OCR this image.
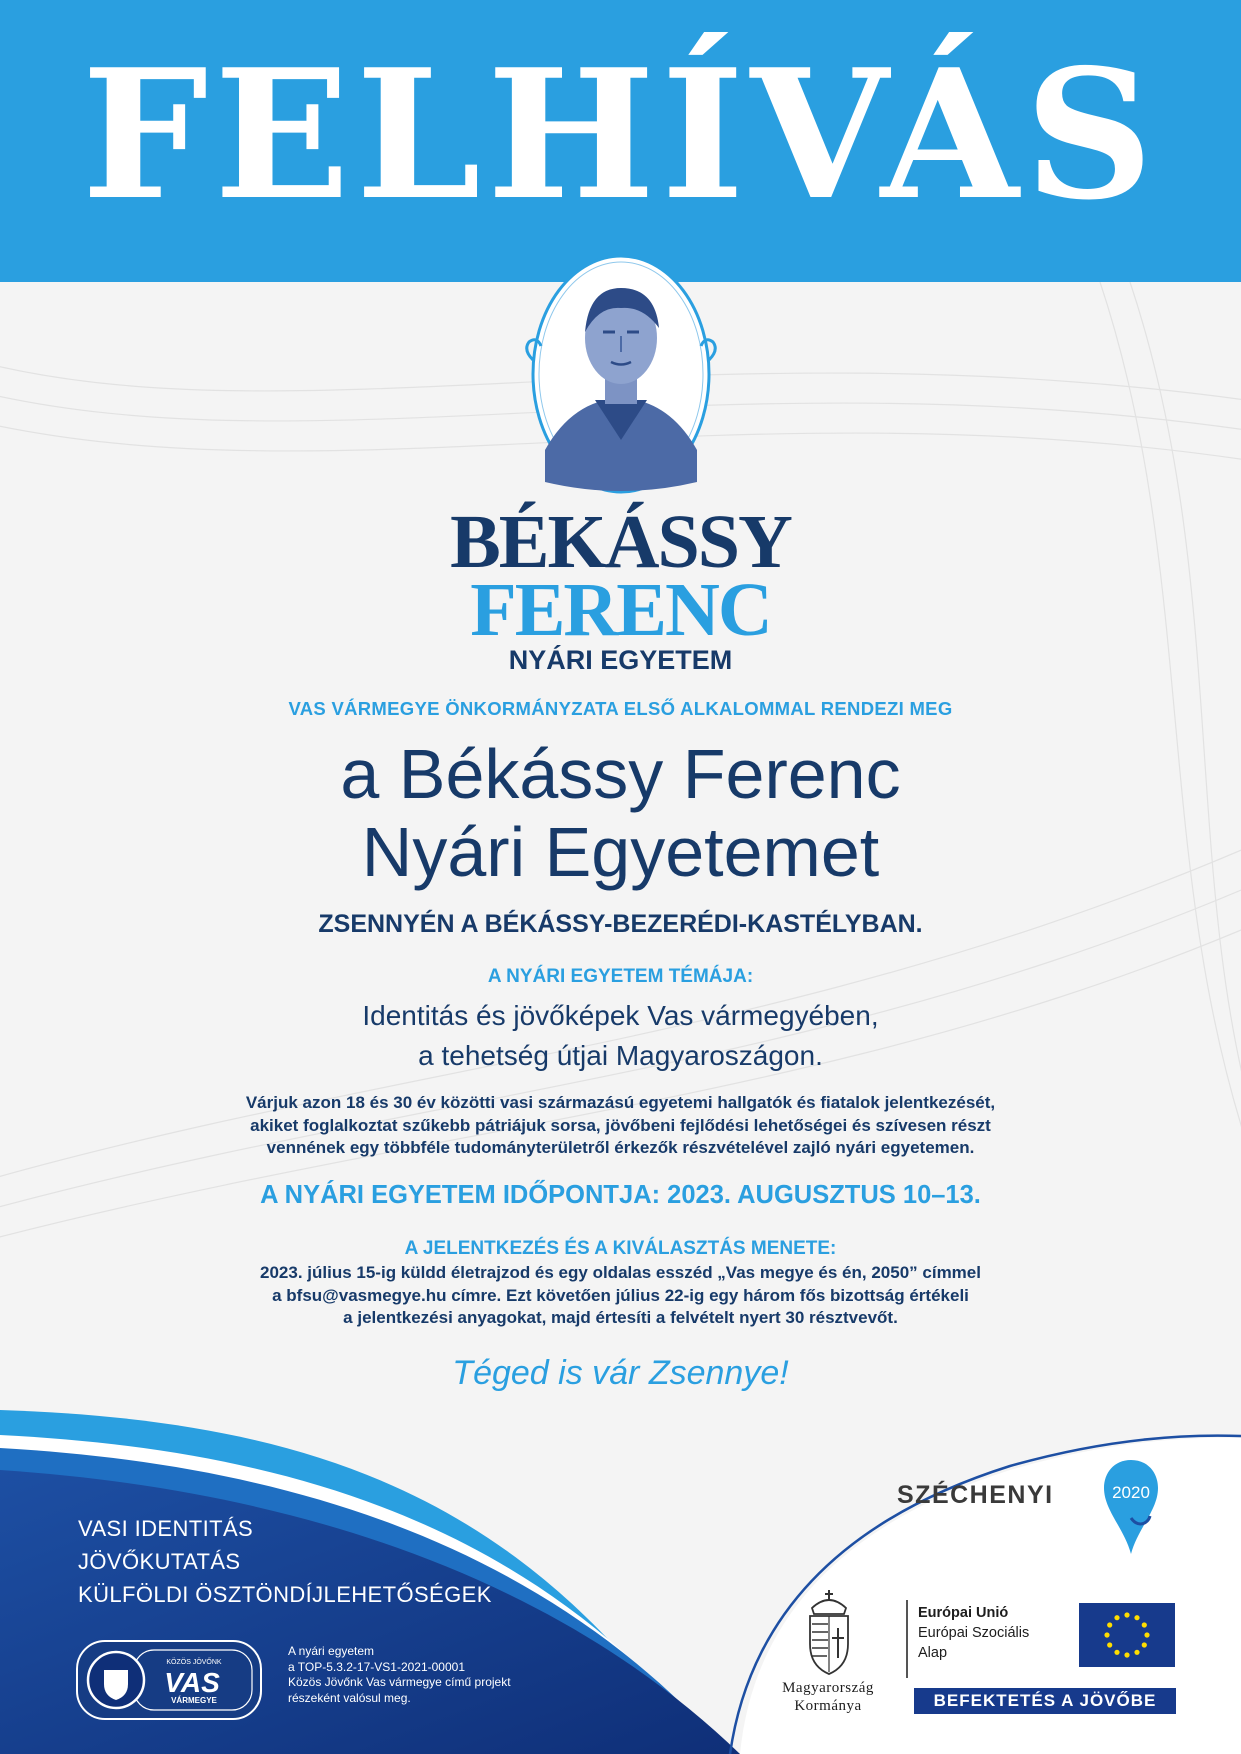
FELHÍVÁS
BÉKÁSSY
FERENC
NYÁRI EGYETEM
VAS VÁRMEGYE ÖNKORMÁNYZATA ELSŐ ALKALOMMAL RENDEZI MEG
a Békássy Ferenc
Nyári Egyetemet
ZSENNYÉN A BÉKÁSSY-BEZERÉDI-KASTÉLYBAN.
A NYÁRI EGYETEM TÉMÁJA:
Identitás és jövőképek Vas vármegyében,
a tehetség útjai Magyaroszágon.
Várjuk azon 18 és 30 év közötti vasi származású egyetemi hallgatók és fiatalok jelentkezését,
akiket foglalkoztat szűkebb pátriájuk sorsa, jövőbeni fejlődési lehetőségei és szívesen részt
vennének egy többféle tudományterületről érkezők részvételével zajló nyári egyetemen.
A NYÁRI EGYETEM IDŐPONTJA: 2023. AUGUSZTUS 10–13.
A JELENTKEZÉS ÉS A KIVÁLASZTÁS MENETE:
2023. július 15-ig küldd életrajzod és egy oldalas esszéd „Vas megye és én, 2050” címmel
a bfsu@vasmegye.hu címre. Ezt követően július 22-ig egy három fős bizottság értékeli
a jelentkezési anyagokat, majd értesíti a felvételt nyert 30 résztvevőt.
Téged is vár Zsennye!
VASI IDENTITÁS
JÖVŐKUTATÁS
KÜLFÖLDI ÖSZTÖNDÍJLEHETŐSÉGEK
KÖZÖS JÖVŐNK
VAS
VÁRMEGYE
A nyári egyetem
a TOP-5.3.2-17-VS1-2021-00001
Közös Jövőnk Vas vármegye című projekt
részeként valósul meg.
SZÉCHENYI	2020
Magyarország
Kormánya
Európai Unió
Európai Szociális
Alap
BEFEKTETÉS A JÖVŐBE
